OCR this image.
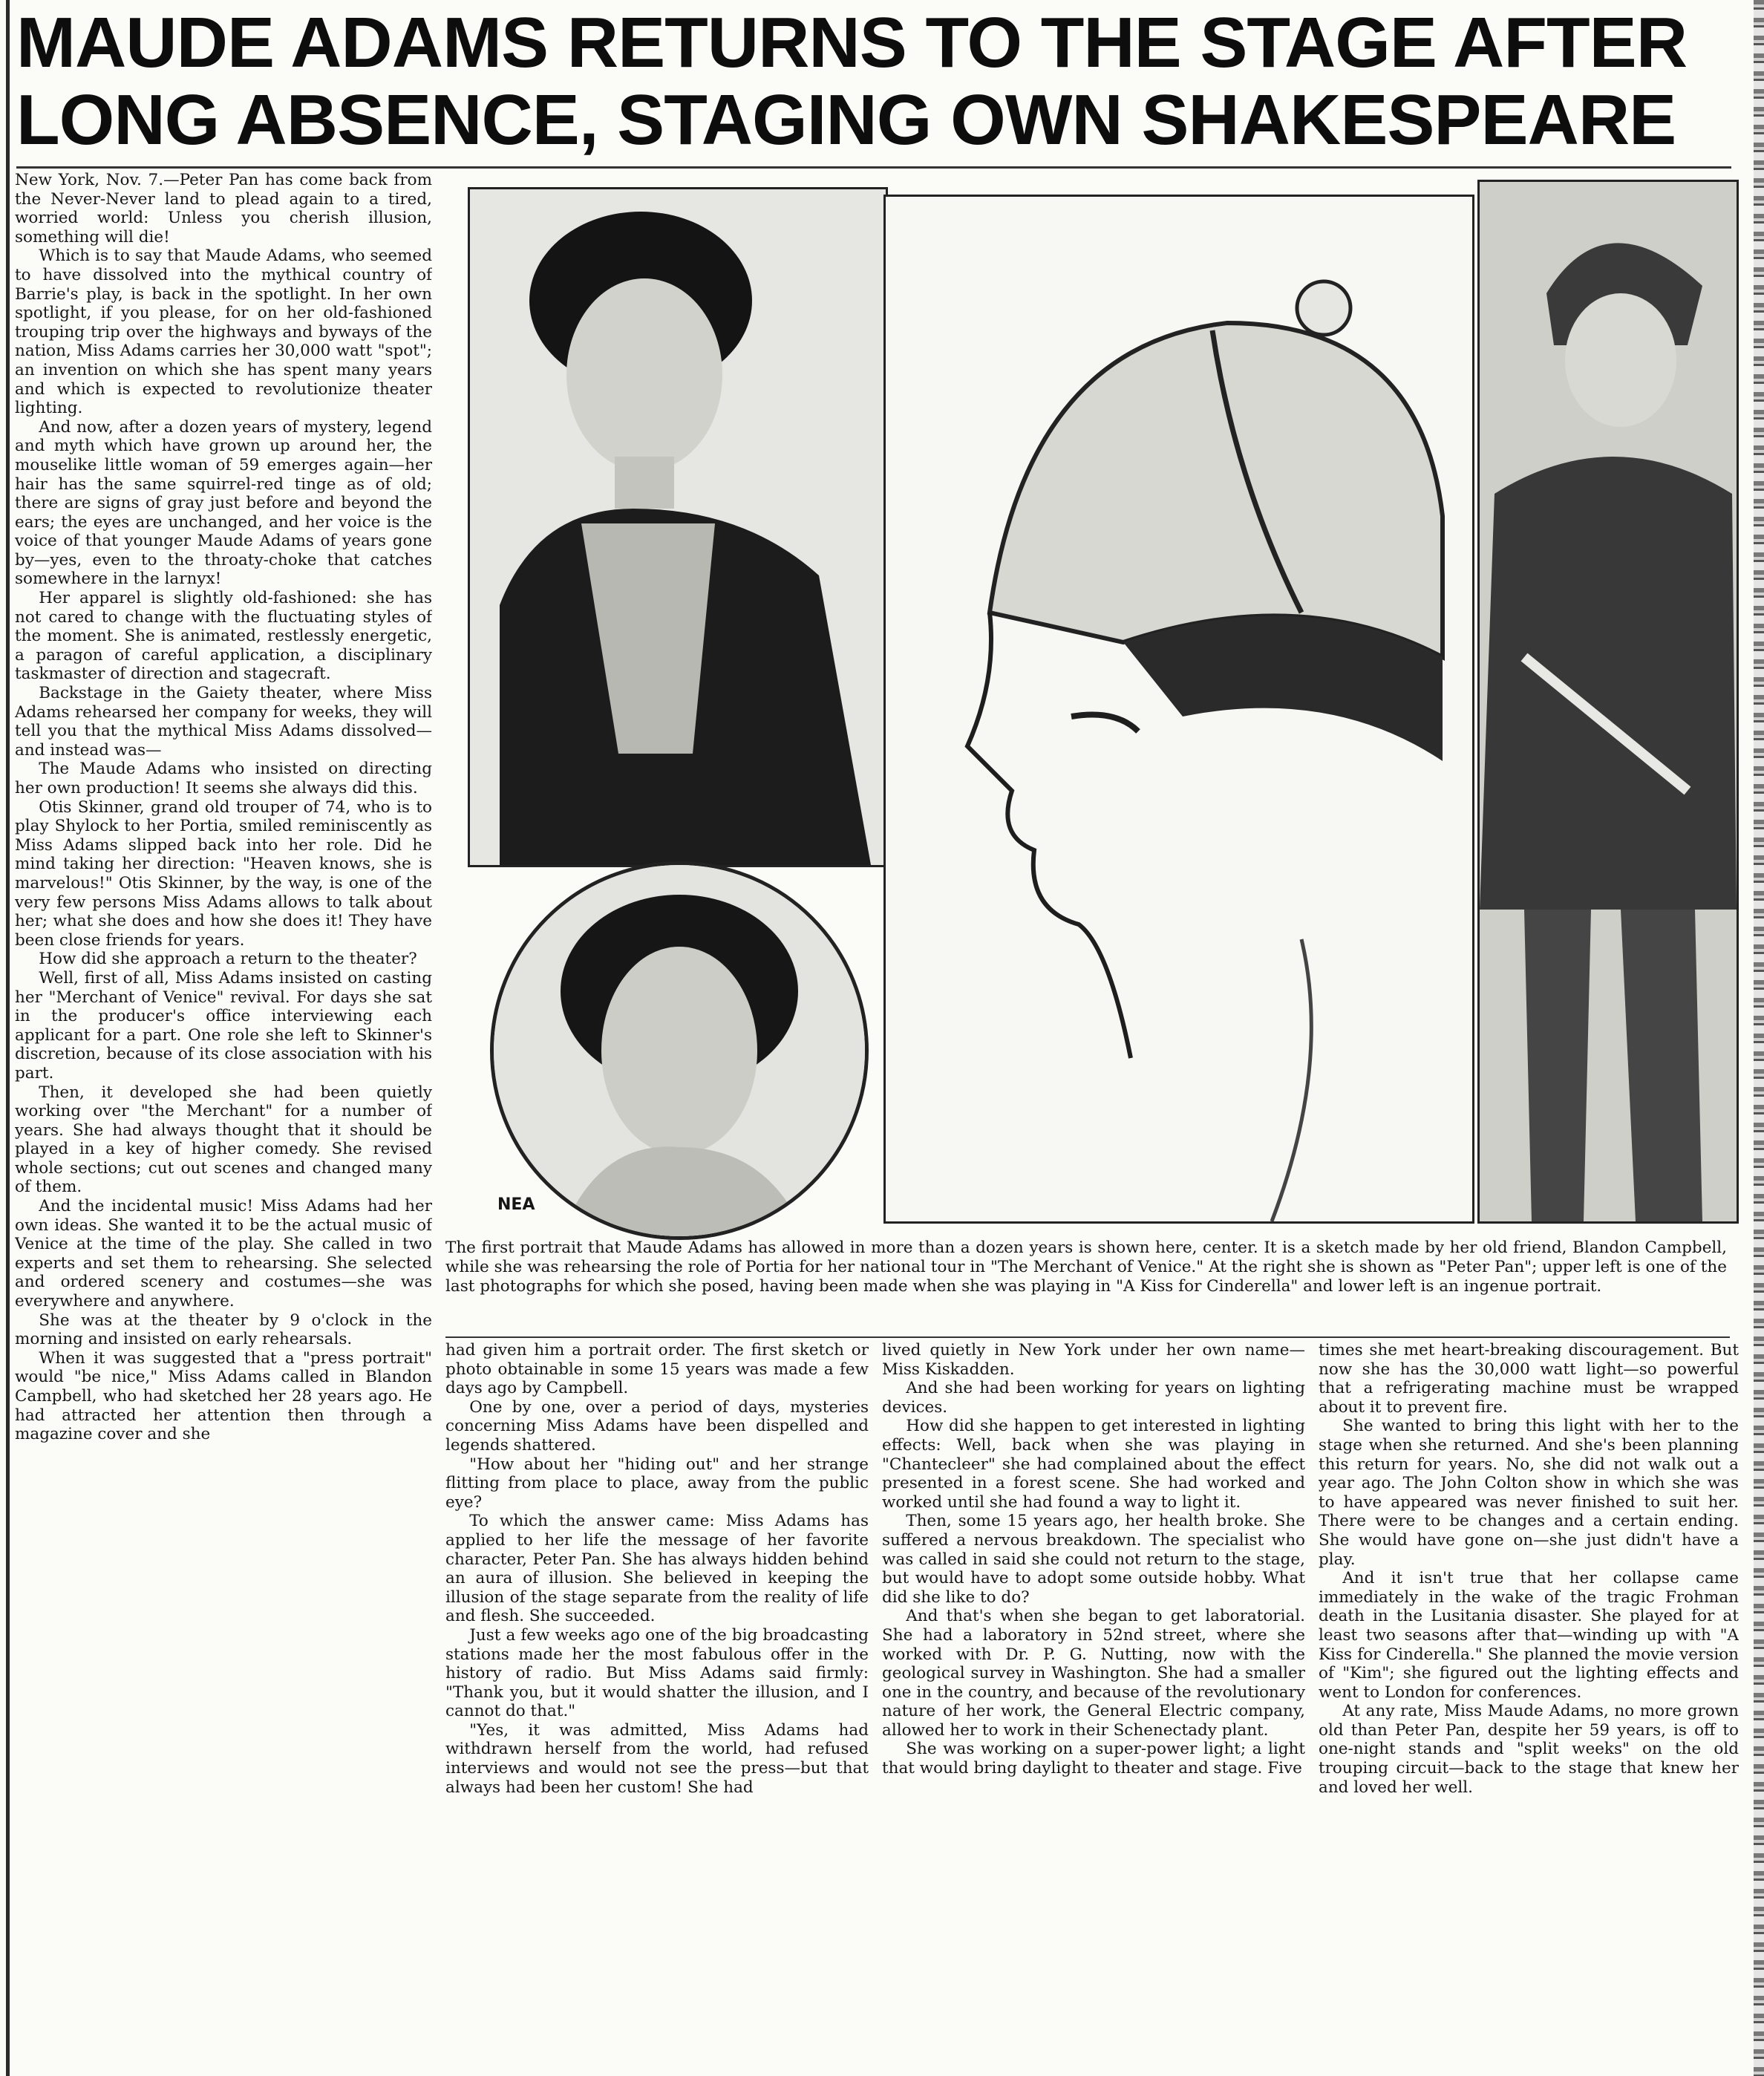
MAUDE ADAMS RETURNS TO THE STAGE AFTER
LONG ABSENCE, STAGING OWN SHAKESPEARE

New York, Nov. 7.—Peter Pan has come back from the Never-Never land to plead again to a tired, worried world: Unless you cherish illusion, something will die!

Which is to say that Maude Adams, who seemed to have dissolved into the mythical country of Barrie's play, is back in the spotlight. In her own spotlight, if you please, for on her old-fashioned trouping trip over the highways and byways of the nation, Miss Adams carries her 30,000 watt "spot"; an invention on which she has spent many years and which is expected to revolutionize theater lighting.

And now, after a dozen years of mystery, legend and myth which have grown up around her, the mouselike little woman of 59 emerges again—her hair has the same squirrel-red tinge as of old; there are signs of gray just before and beyond the ears; the eyes are unchanged, and her voice is the voice of that younger Maude Adams of years gone by—yes, even to the throaty-choke that catches somewhere in the larnyx!

Her apparel is slightly old-fashioned: she has not cared to change with the fluctuating styles of the moment. She is animated, restlessly energetic, a paragon of careful application, a disciplinary taskmaster of direction and stagecraft.

Backstage in the Gaiety theater, where Miss Adams rehearsed her company for weeks, they will tell you that the mythical Miss Adams dissolved—and instead was—

The Maude Adams who insisted on directing her own production! It seems she always did this.

Otis Skinner, grand old trouper of 74, who is to play Shylock to her Portia, smiled reminiscently as Miss Adams slipped back into her role. Did he mind taking her direction: "Heaven knows, she is marvelous!" Otis Skinner, by the way, is one of the very few persons Miss Adams allows to talk about her; what she does and how she does it! They have been close friends for years.

How did she approach a return to the theater?

Well, first of all, Miss Adams insisted on casting her "Merchant of Venice" revival. For days she sat in the producer's office interviewing each applicant for a part. One role she left to Skinner's discretion, because of its close association with his part.

Then, it developed she had been quietly working over "the Merchant" for a number of years. She had always thought that it should be played in a key of higher comedy. She revised whole sections; cut out scenes and changed many of them.

And the incidental music! Miss Adams had her own ideas. She wanted it to be the actual music of Venice at the time of the play. She called in two experts and set them to rehearsing. She selected and ordered scenery and costumes—she was everywhere and anywhere.

She was at the theater by 9 o'clock in the morning and insisted on early rehearsals.

When it was suggested that a "press portrait" would "be nice," Miss Adams called in Blandon Campbell, who had sketched her 28 years ago. He had attracted her attention then through a magazine cover and she

NEA
The first portrait that Maude Adams has allowed in more than a dozen years is shown here, center. It is a sketch made by her old friend, Blandon Campbell, while she was rehearsing the role of Portia for her national tour in "The Merchant of Venice." At the right she is shown as "Peter Pan"; upper left is one of the last photographs for which she posed, having been made when she was playing in "A Kiss for Cinderella" and lower left is an ingenue portrait.

had given him a portrait order. The first sketch or photo obtainable in some 15 years was made a few days ago by Campbell.

One by one, over a period of days, mysteries concerning Miss Adams have been dispelled and legends shattered.

"How about her "hiding out" and her strange flitting from place to place, away from the public eye?

To which the answer came: Miss Adams has applied to her life the message of her favorite character, Peter Pan. She has always hidden behind an aura of illusion. She believed in keeping the illusion of the stage separate from the reality of life and flesh. She succeeded.

Just a few weeks ago one of the big broadcasting stations made her the most fabulous offer in the history of radio. But Miss Adams said firmly: "Thank you, but it would shatter the illusion, and I cannot do that."

"Yes, it was admitted, Miss Adams had withdrawn herself from the world, had refused interviews and would not see the press—but that always had been her custom! She had

lived quietly in New York under her own name—Miss Kiskadden.

And she had been working for years on lighting devices.

How did she happen to get interested in lighting effects: Well, back when she was playing in "Chantecleer" she had complained about the effect presented in a forest scene. She had worked and worked until she had found a way to light it.

Then, some 15 years ago, her health broke. She suffered a nervous breakdown. The specialist who was called in said she could not return to the stage, but would have to adopt some outside hobby. What did she like to do?

And that's when she began to get laboratorial. She had a laboratory in 52nd street, where she worked with Dr. P. G. Nutting, now with the geological survey in Washington. She had a smaller one in the country, and because of the revolutionary nature of her work, the General Electric company, allowed her to work in their Schenectady plant.

She was working on a super-power light; a light that would bring daylight to theater and stage. Five

times she met heart-breaking discouragement. But now she has the 30,000 watt light—so powerful that a refrigerating machine must be wrapped about it to prevent fire.

She wanted to bring this light with her to the stage when she returned. And she's been planning this return for years. No, she did not walk out a year ago. The John Colton show in which she was to have appeared was never finished to suit her. There were to be changes and a certain ending. She would have gone on—she just didn't have a play.

And it isn't true that her collapse came immediately in the wake of the tragic Frohman death in the Lusitania disaster. She played for at least two seasons after that—winding up with "A Kiss for Cinderella." She planned the movie version of "Kim"; she figured out the lighting effects and went to London for conferences.

At any rate, Miss Maude Adams, no more grown old than Peter Pan, despite her 59 years, is off to one-night stands and "split weeks" on the old trouping circuit—back to the stage that knew her and loved her well.
